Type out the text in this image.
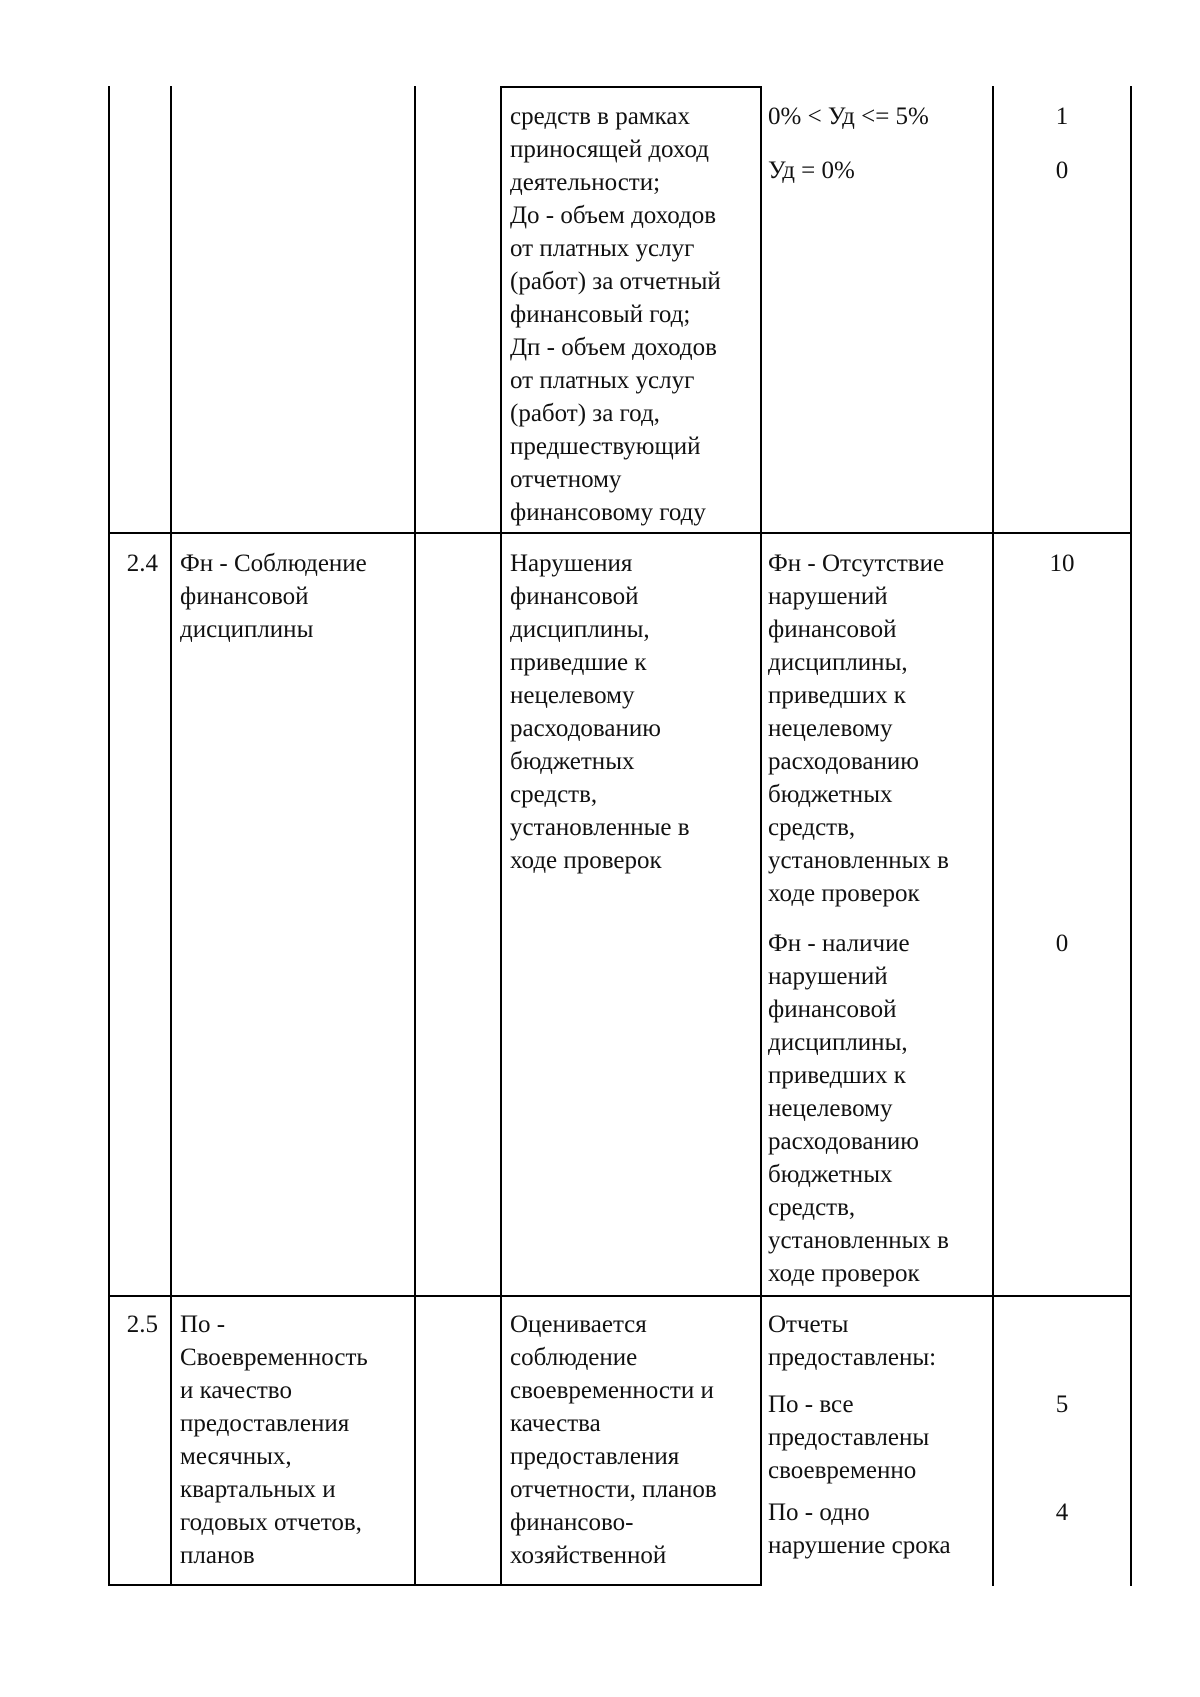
средств в рамках
приносящей доход
деятельности;
До - объем доходов
от платных услуг
(работ) за отчетный
финансовый год;
Дп - объем доходов
от платных услуг
(работ) за год,
предшествующий
отчетному
финансовому году
0% < Уд <= 5%	1
Уд = 0%	0
2.4 Фн - Соблюдение
финансовой
дисциплины
Нарушения
финансовой
дисциплины,
приведшие к
нецелевому
расходованию
бюджетных
средств,
установленные в
ходе проверок
Фн - Отсутствие
нарушений
финансовой
дисциплины,
приведших к
нецелевому
расходованию
бюджетных
средств,
установленных в
ходе проверок
10
Фн - наличие
нарушений
финансовой
дисциплины,
приведших к
нецелевому
расходованию
бюджетных
средств,
установленных в
ходе проверок
0
2.5 По -
Своевременность
и качество
предоставления
месячных,
квартальных и
годовых отчетов,
планов
Оценивается
соблюдение
своевременности и
качества
предоставления
отчетности, планов
финансово-
хозяйственной
Отчеты
предоставлены:
По - все
предоставлены
своевременно
5
По - одно
нарушение срока
4
